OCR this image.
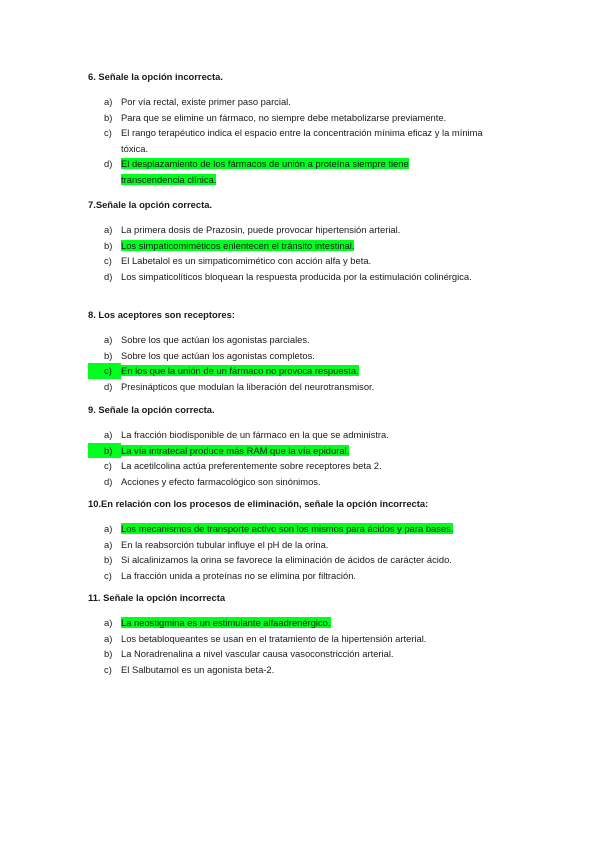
6. Señale la opción incorrecta.
a) Por vía rectal, existe primer paso parcial.
b) Para que se elimine un fármaco, no siempre debe metabolizarse previamente.
c) El rango terapéutico indica el espacio entre la concentración mínima eficaz y la mínima tóxica.
d) El desplazamiento de los fármacos de unión a proteína siempre tiene transcendencia clínica.
7.Señale la opción correcta.
a) La primera dosis de Prazosin, puede provocar hipertensión arterial.
b) Los simpaticomiméticos enlentecen el tránsito intestinal.
c) El Labetalol es un simpaticomimético con acción alfa y beta.
d) Los simpaticolíticos bloquean la respuesta producida por la estimulación colinérgica.
8. Los aceptores son receptores:
a) Sobre los que actúan los agonistas parciales.
b) Sobre los que actúan los agonistas completos.
c) En los que la unión de un fármaco no provoca respuesta.
d) Presinápticos que modulan la liberación del neurotransmisor.
9. Señale la opción correcta.
a) La fracción biodisponible de un fármaco en la que se administra.
b) La vía intratecal produce más RAM que la vía epidural.
c) La acetilcolina actúa preferentemente sobre receptores beta 2.
d) Acciones y efecto farmacológico son sinónimos.
10.En relación con los procesos de eliminación, señale la opción incorrecta:
a) Los mecanismos de transporte activo son los mismos para ácidos y para bases.
a) En la reabsorción tubular influye el pH de la orina.
b) Si alcalinizamos la orina se favorece la eliminación de ácidos de carácter ácido.
c) La fracción unida a proteínas no se elimina por filtración.
11. Señale la opción incorrecta
a) La neostigmina es un estimulante alfaadrenérgico.
a) Los betabloqueantes se usan en el tratamiento de la hipertensión arterial.
b) La Noradrenalina a nivel vascular causa vasoconstricción arterial.
c) El Salbutamol es un agonista beta-2.
